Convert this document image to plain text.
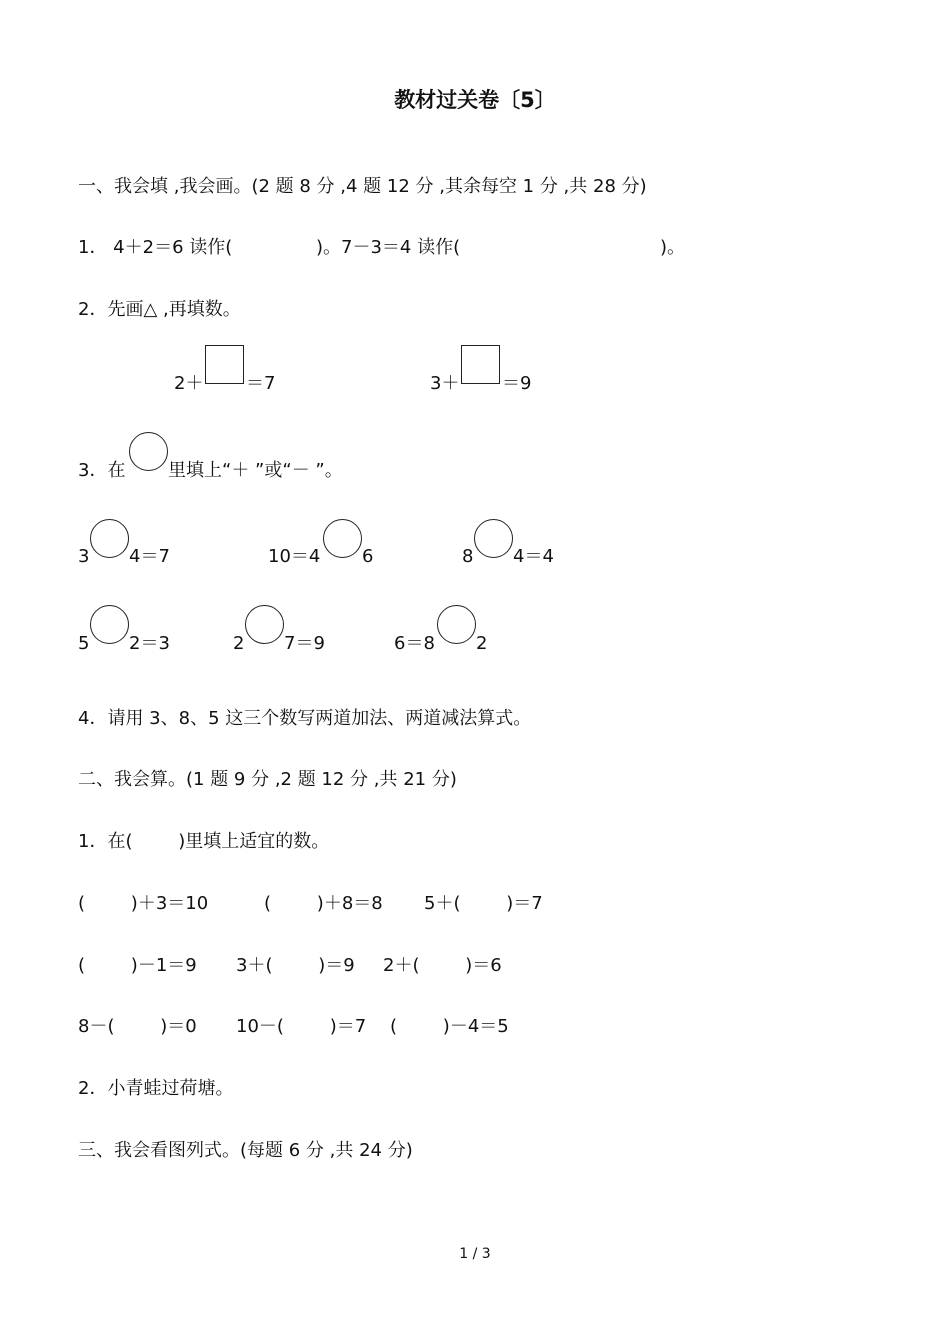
教材过关卷〔5〕
一、我会填 ,我会画。(2 题 8 分 ,4 题 12 分 ,其余每空 1 分 ,共 28 分)
1． 4＋2＝6 读作(	)。7－3＝4 读作(	)。
2．先画△ ,再填数。
2＋ ＝7	3＋ ＝9
3．在 里填上“＋ ”或“－ ”。
3 4＝7	10＝4 6	8 4＝4
5 2＝3	2 7＝9	6＝8 2
4．请用 3、8、5 这三个数写两道加法、两道减法算式。
二、我会算。(1 题 9 分 ,2 题 12 分 ,共 21 分)
1．在(        )里填上适宜的数。
(        )＋3＝10	(        )＋8＝8 5＋(        )＝7
(        )－1＝9 3＋(        )＝9 2＋(        )＝6
8－(        )＝0 10－(        )＝7 (        )－4＝5
2．小青蛙过荷塘。
三、我会看图列式。(每题 6 分 ,共 24 分)
1 / 3
